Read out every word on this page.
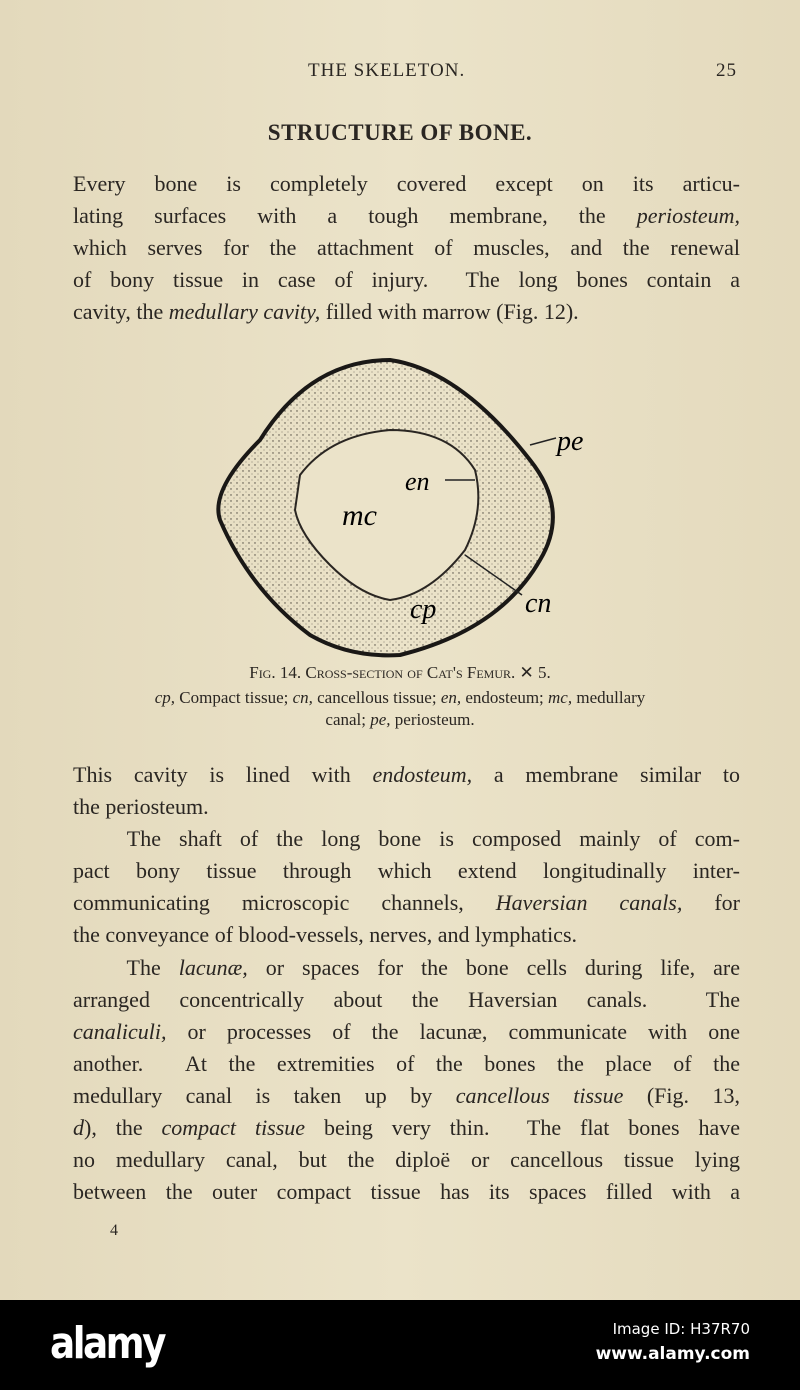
THE SKELETON.	25
STRUCTURE OF BONE.
Every bone is completely covered except on its articu-
lating surfaces with a tough membrane, the periosteum,
which serves for the attachment of muscles, and the renewal
of bony tissue in case of injury.  The long bones contain a
cavity, the medullary cavity, filled with marrow (Fig. 12).
mc
en
pe
cp	cn
Fig. 14. Cross-section of Cat's Femur. ✕ 5.
cp, Compact tissue; cn, cancellous tissue; en, endosteum; mc, medullary
canal; pe, periosteum.
This cavity is lined with endosteum, a membrane similar to
the periosteum.
The shaft of the long bone is composed mainly of com-
pact bony tissue through which extend longitudinally inter-
communicating microscopic channels, Haversian canals, for
the conveyance of blood-vessels, nerves, and lymphatics.
The lacunæ, or spaces for the bone cells during life, are
arranged concentrically about the Haversian canals.  The
canaliculi, or processes of the lacunæ, communicate with one
another.  At the extremities of the bones the place of the
medullary canal is taken up by cancellous tissue (Fig. 13,
d), the compact tissue being very thin.  The flat bones have
no medullary canal, but the diploë or cancellous tissue lying
between the outer compact tissue has its spaces filled with a
4
alamy	Image ID: H37R70
www.alamy.com
